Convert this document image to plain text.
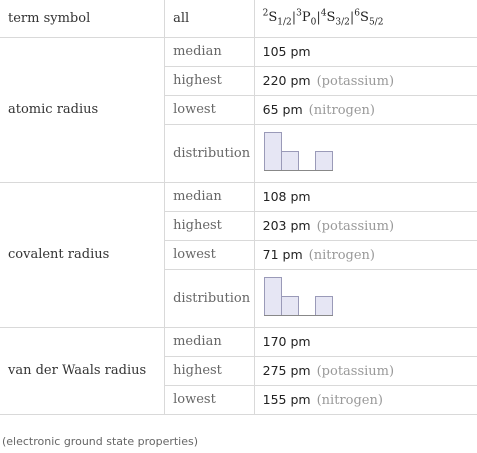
term symbol	all	$^2S_{1/2}|^3P_0|^4S_{3/2}|^6S_{5/2}$
atomic radius	median	105 pm
	highest	220 pm (potassium)
	lowest	65 pm (nitrogen)
	distribution	

covalent radius	median	108 pm
	highest	203 pm (potassium)
	lowest	71 pm (nitrogen)
	distribution	

van der Waals radius	median	170 pm
	highest	275 pm (potassium)
	lowest	155 pm (nitrogen)
(electronic ground state properties)
